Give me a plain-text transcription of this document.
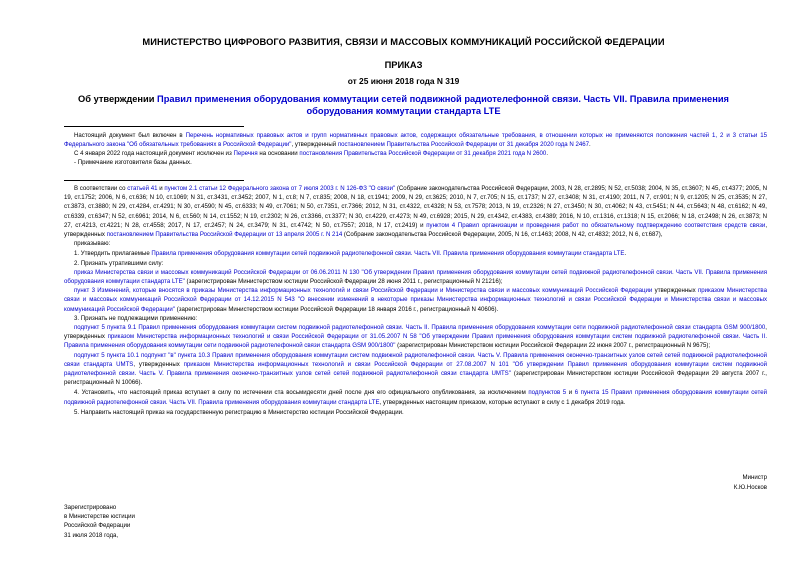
МИНИСТЕРСТВО ЦИФРОВОГО РАЗВИТИЯ, СВЯЗИ И МАССОВЫХ КОММУНИКАЦИЙ РОССИЙСКОЙ ФЕДЕРАЦИИ

ПРИКАЗ

от 25 июня 2018 года N 319

Об утверждении Правил применения оборудования коммутации сетей подвижной радиотелефонной связи. Часть VII. Правила применения оборудования коммутации стандарта LTE

Настоящий документ был включен в Перечень нормативных правовых актов и групп нормативных правовых актов, содержащих обязательные требования, в отношении которых не применяются положения частей 1, 2 и 3 статьи 15 Федерального закона "Об обязательных требованиях в Российской Федерации", утвержденный постановлением Правительства Российской Федерации от 31 декабря 2020 года N 2467.

С 4 января 2022 года настоящий документ исключен из Перечня на основании постановления Правительства Российской Федерации от 31 декабря 2021 года N 2600.

- Примечание изготовителя базы данных.

В соответствии со статьей 41 и пунктом 2.1 статьи 12 Федерального закона от 7 июля 2003 г. N 126-ФЗ "О связи" (Собрание законодательства Российской Федерации, 2003, N 28, ст.2895; N 52, ст.5038; 2004, N 35, ст.3607; N 45, ст.4377; 2005, N 19, ст.1752; 2006, N 6, ст.636; N 10, ст.1069; N 31, ст.3431, ст.3452; 2007, N 1, ст.8; N 7, ст.835; 2008, N 18, ст.1941; 2009, N 29, ст.3625; 2010, N 7, ст.705; N 15, ст.1737; N 27, ст.3408; N 31, ст.4190; 2011, N 7, ст.901; N 9, ст.1205; N 25, ст.3535; N 27, ст.3873, ст.3880; N 29, ст.4284, ст.4291; N 30, ст.4590; N 45, ст.6333; N 49, ст.7061; N 50, ст.7351, ст.7366; 2012, N 31, ст.4322, ст.4328; N 53, ст.7578; 2013, N 19, ст.2326; N 27, ст.3450; N 30, ст.4062; N 43, ст.5451; N 44, ст.5643; N 48, ст.6162; N 49, ст.6339, ст.6347; N 52, ст.6961; 2014, N 6, ст.560; N 14, ст.1552; N 19, ст.2302; N 26, ст.3366, ст.3377; N 30, ст.4229, ст.4273; N 49, ст.6928; 2015, N 29, ст.4342, ст.4383, ст.4389; 2016, N 10, ст.1316, ст.1318; N 15, ст.2066; N 18, ст.2498; N 26, ст.3873; N 27, ст.4213, ст.4221; N 28, ст.4558; 2017, N 17, ст.2457; N 24, ст.3479; N 31, ст.4742; N 50, ст.7557; 2018, N 17, ст.2419) и пунктом 4 Правил организации и проведения работ по обязательному подтверждению соответствия средств связи, утвержденных постановлением Правительства Российской Федерации от 13 апреля 2005 г. N 214 (Собрание законодательства Российской Федерации, 2005, N 16, ст.1463; 2008, N 42, ст.4832; 2012, N 6, ст.687),

приказываю:

1. Утвердить прилагаемые Правила применения оборудования коммутации сетей подвижной радиотелефонной связи. Часть VII. Правила применения оборудования коммутации стандарта LTE.

2. Признать утратившими силу:

приказ Министерства связи и массовых коммуникаций Российской Федерации от 06.06.2011 N 130 "Об утверждении Правил применения оборудования коммутации сетей подвижной радиотелефонной связи. Часть VII. Правила применения оборудования коммутации стандарта LTE" (зарегистрирован Министерством юстиции Российской Федерации 28 июня 2011 г., регистрационный N 21216);

пункт 3 Изменений, которые вносятся в приказы Министерства информационных технологий и связи Российской Федерации и Министерства связи и массовых коммуникаций Российской Федерации утвержденных приказом Министерства связи и массовых коммуникаций Российской Федерации от 14.12.2015 N 543 "О внесении изменений в некоторые приказы Министерства информационных технологий и связи Российской Федерации и Министерства связи и массовых коммуникаций Российской Федерации" (зарегистрирован Министерством юстиции Российской Федерации 18 января 2016 г., регистрационный N 40606).

3. Признать не подлежащими применению:

подпункт 5 пункта 9.1 Правил применения оборудования коммутации систем подвижной радиотелефонной связи. Часть II. Правила применения оборудования коммутации сети подвижной радиотелефонной связи стандарта GSM 900/1800, утвержденных приказом Министерства информационных технологий и связи Российской Федерации от 31.05.2007 N 58 "Об утверждении Правил применения оборудования коммутации систем подвижной радиотелефонной связи. Часть II. Правила применения оборудования коммутации сети подвижной радиотелефонной связи стандарта GSM 900/1800" (зарегистрирован Министерством юстиции Российской Федерации 22 июня 2007 г., регистрационный N 9675);

подпункт 5 пункта 10.1 подпункт "в" пункта 10.3 Правил применения оборудования коммутации систем подвижной радиотелефонной связи. Часть V. Правила применения оконечно-транзитных узлов сетей сетей подвижной радиотелефонной связи стандарта UMTS, утвержденных приказом Министерства информационных технологий и связи Российской Федерации от 27.08.2007 N 101 "Об утверждении Правил применения оборудования коммутации систем подвижной радиотелефонной связи. Часть V. Правила применения оконечно-транзитных узлов сетей сетей подвижной радиотелефонной связи стандарта UMTS" (зарегистрирован Министерством юстиции Российской Федерации 29 августа 2007 г., регистрационный N 10066).

4. Установить, что настоящий приказ вступает в силу по истечении ста восьмидесяти дней после дня его официального опубликования, за исключением подпунктов 5 и 6 пункта 15 Правил применения оборудования коммутации сетей подвижной радиотелефонной связи. Часть VII. Правила применения оборудования коммутации стандарта LTE, утвержденных настоящим приказом, которые вступают в силу с 1 декабря 2019 года.

5. Направить настоящий приказ на государственную регистрацию в Министерство юстиции Российской Федерации.

Министр
К.Ю.Носков
Зарегистрировано
в Министерстве юстиции
Российской Федерации
31 июля 2018 года,
